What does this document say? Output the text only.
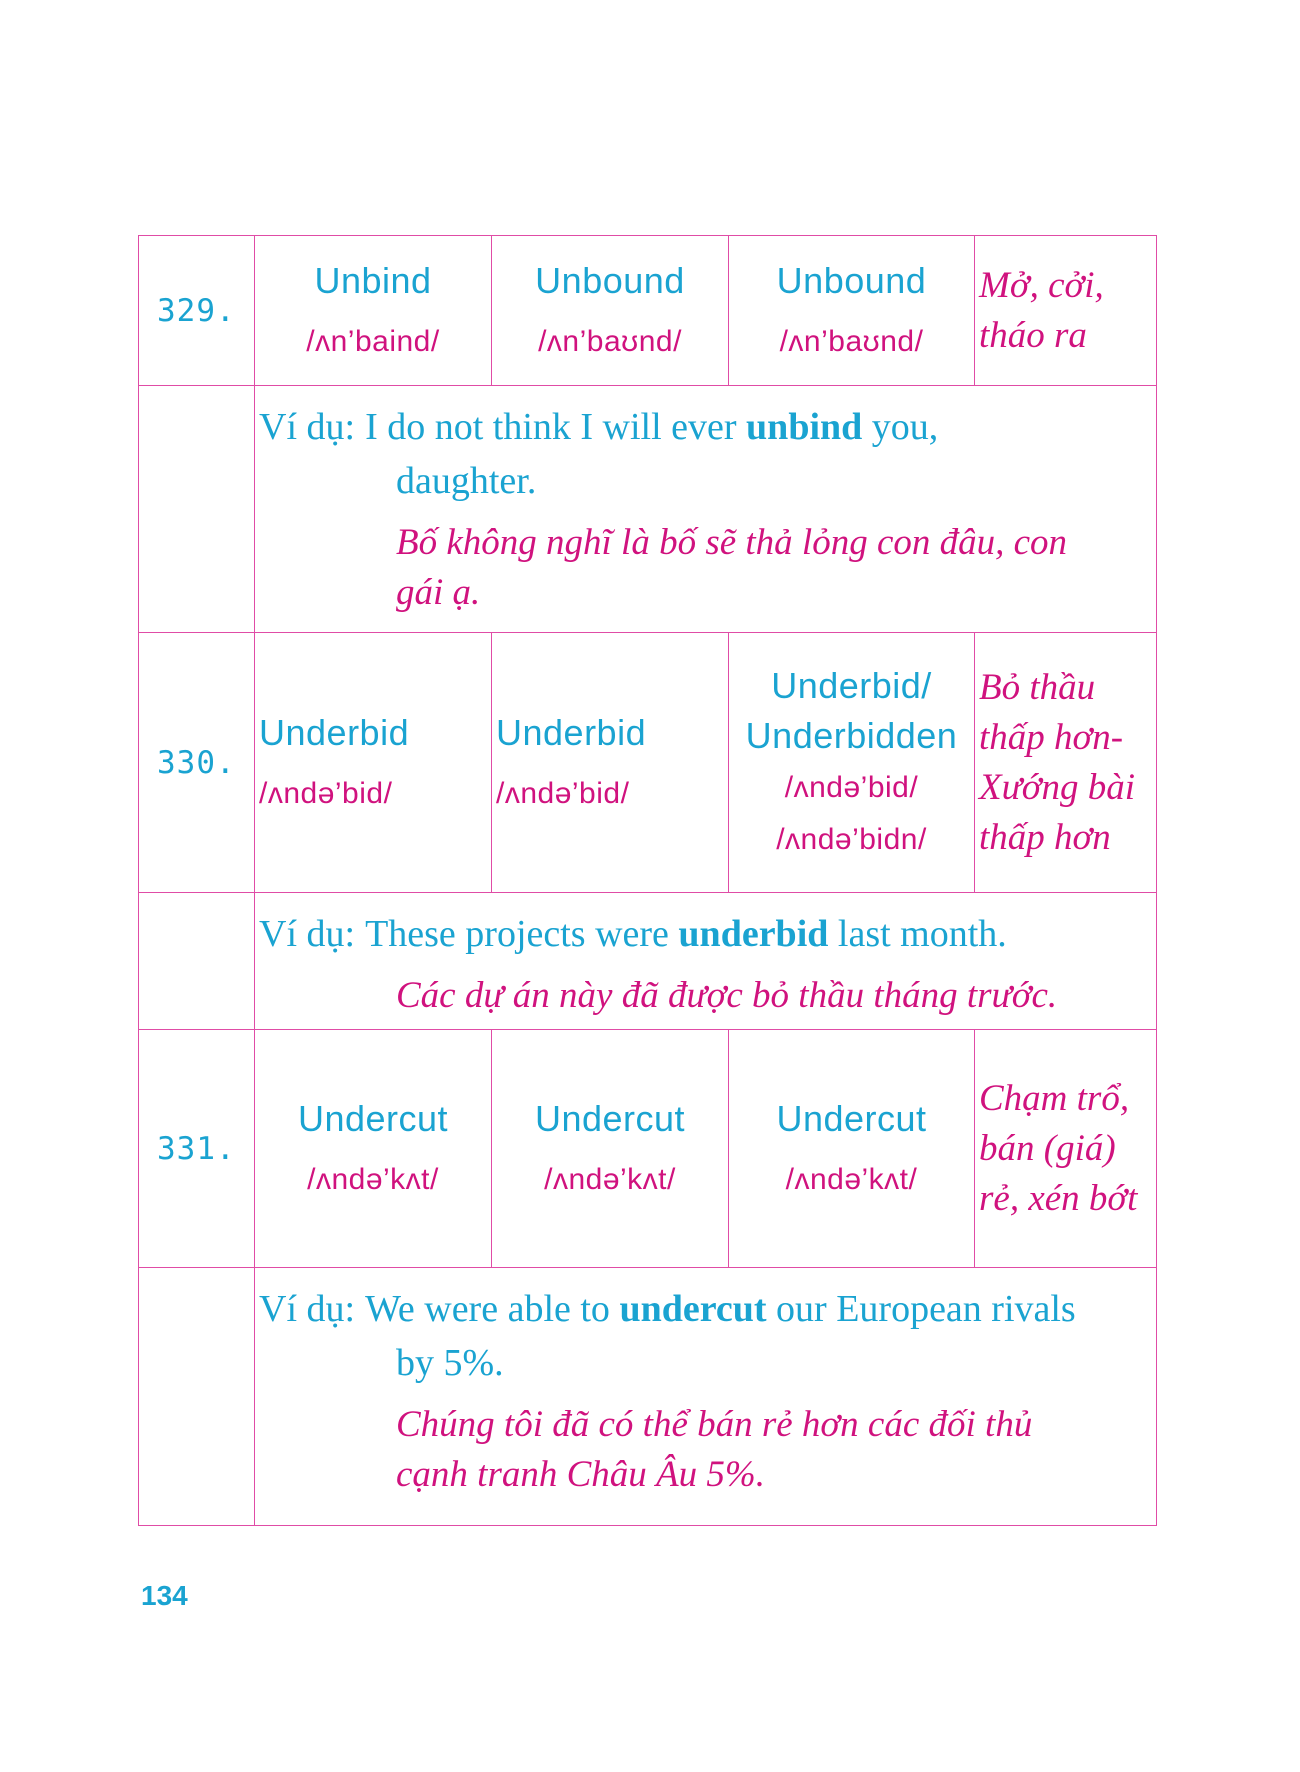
329.
Unbind
/ʌn’baind/
Unbound
/ʌn’baʊnd/
Unbound
/ʌn’baʊnd/
Mở, cởi,
tháo ra
Ví dụ: I do not think I will ever unbind you,
daughter.
Bố không nghĩ là bố sẽ thả lỏng con đâu, con
gái ạ.
330.
Underbid
/ʌndə’bid/
Underbid
/ʌndə’bid/
Underbid/
Underbidden
/ʌndə’bid/
/ʌndə’bidn/
Bỏ thầu
thấp hơn-
Xướng bài
thấp hơn
Ví dụ: These projects were underbid last month.
Các dự án này đã được bỏ thầu tháng trước.
331.
Undercut
/ʌndə’kʌt/
Undercut
/ʌndə’kʌt/
Undercut
/ʌndə’kʌt/
Chạm trổ,
bán (giá)
rẻ, xén bớt
Ví dụ: We were able to undercut our European rivals
by 5%.
Chúng tôi đã có thể bán rẻ hơn các đối thủ
cạnh tranh Châu Âu 5%.
134
